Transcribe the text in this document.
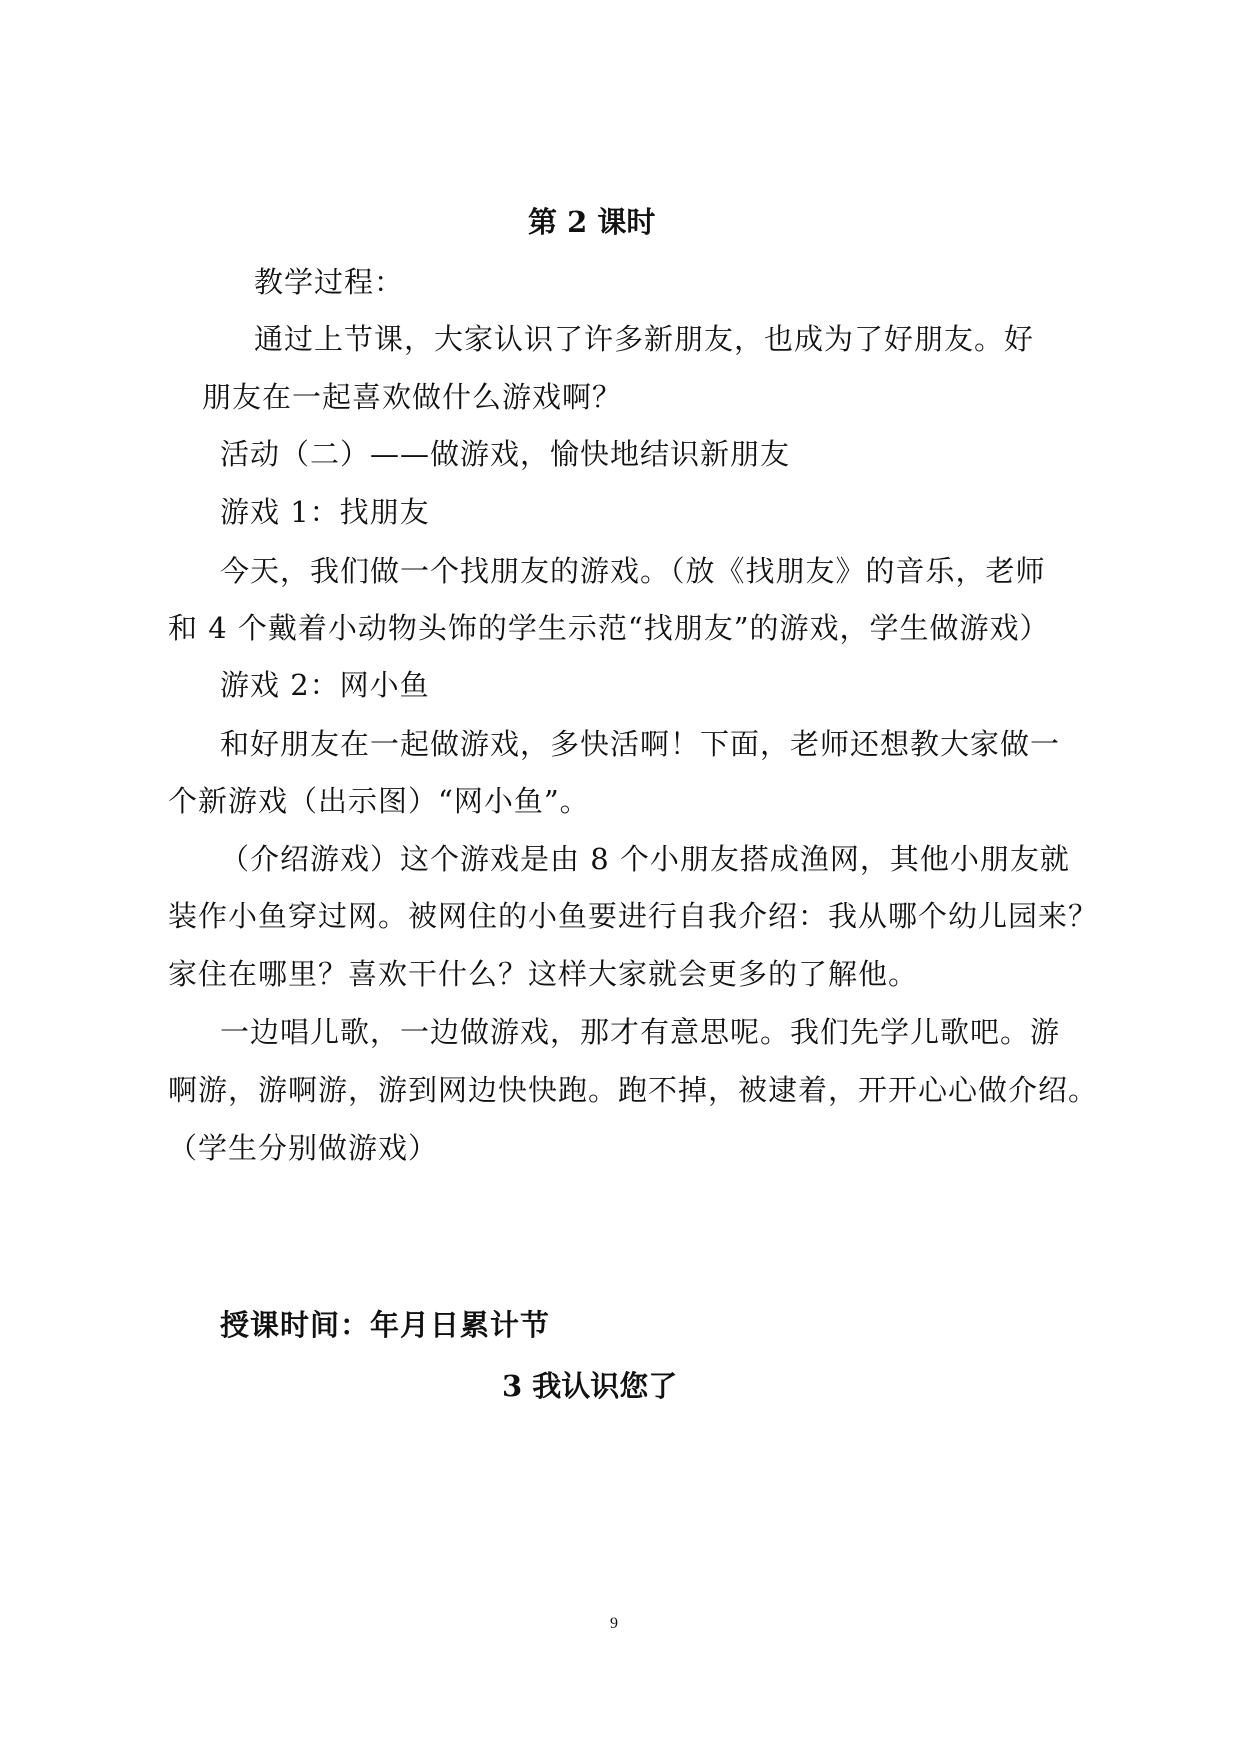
第 2 课时
教学过程：
通过上节课，大家认识了许多新朋友，也成为了好朋友。好
朋友在一起喜欢做什么游戏啊？
活动（二）——做游戏，愉快地结识新朋友
游戏 1：找朋友
今天，我们做一个找朋友的游戏。（放《找朋友》的音乐，老师
和 4 个戴着小动物头饰的学生示范“找朋友”的游戏，学生做游戏）
游戏 2：网小鱼
和好朋友在一起做游戏，多快活啊！下面，老师还想教大家做一
个新游戏（出示图）“网小鱼”。
（介绍游戏）这个游戏是由 8 个小朋友搭成渔网，其他小朋友就
装作小鱼穿过网。被网住的小鱼要进行自我介绍：我从哪个幼儿园来？
家住在哪里？喜欢干什么？这样大家就会更多的了解他。
一边唱儿歌，一边做游戏，那才有意思呢。我们先学儿歌吧。游
啊游，游啊游，游到网边快快跑。跑不掉，被逮着，开开心心做介绍。
（学生分别做游戏）
授课时间：年月日累计节
3 我认识您了
9
